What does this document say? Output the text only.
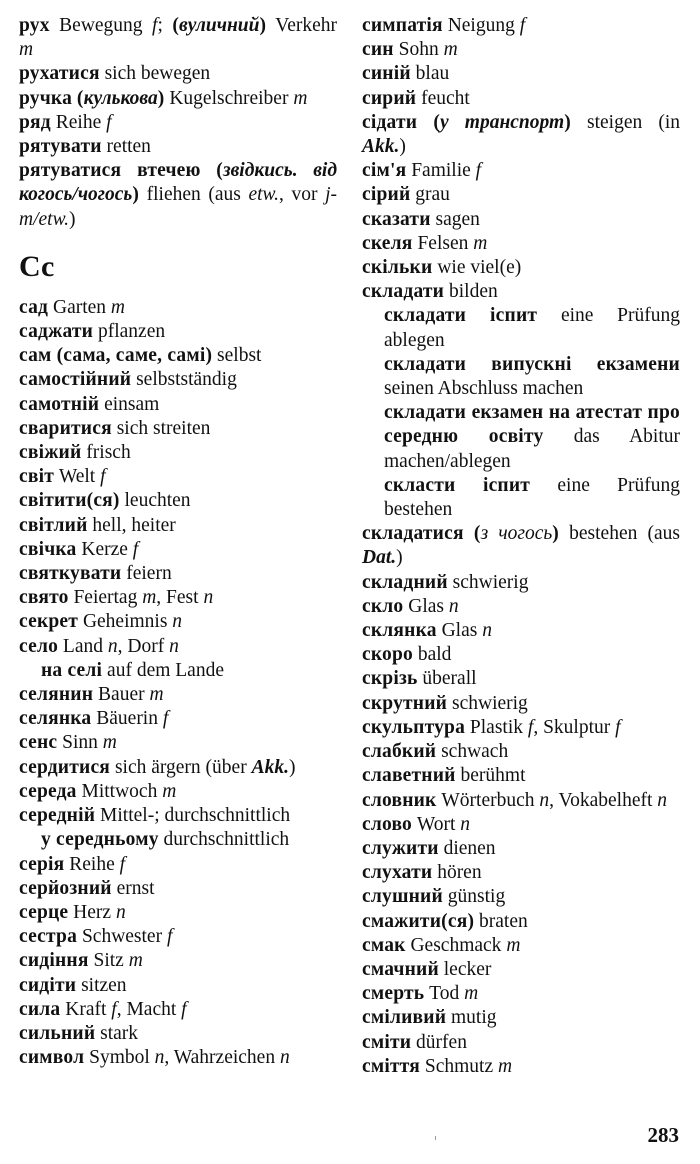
рух Bewegung f; (вуличний) Verkehr m
рухатися sich bewegen
ручка (кулькова) Kugelschreiber m
ряд Reihe f
рятувати retten
рятуватися втечею (звідкись. від когось/чогось) fliehen (aus etw., vor j-m/etw.)
Сс
сад Garten m
саджати pflanzen
сам (сама, саме, самі) selbst
самостійний selbstständig
самотній einsam
сваритися sich streiten
свіжий frisch
світ Welt f
світити(ся) leuchten
світлий hell, heiter
свічка Kerze f
святкувати feiern
свято Feiertag m, Fest n
секрет Geheimnis n
село Land n, Dorf n
на селі auf dem Lande
селянин Bauer m
селянка Bäuerin f
сенс Sinn m
сердитися sich ärgern (über Akk.)
середа Mittwoch m
середній Mittel-; durchschnittlich
у середньому durchschnittlich
серія Reihe f
серйозний ernst
серце Herz n
сестра Schwester f
сидіння Sitz m
сидіти sitzen
сила Kraft f, Macht f
сильний stark
символ Symbol n, Wahrzeichen n
симпатія Neigung f
син Sohn m
синій blau
сирий feucht
сідати (у транспорт) steigen (in Akk.)
сім'я Familie f
сірий grau
сказати sagen
скеля Felsen m
скільки wie viel(e)
складати bilden
складати іспит eine Prüfung ablegen
складати випускні екзамени seinen Abschluss machen
складати екзамен на атестат про середню освіту das Abitur machen/ablegen
скласти іспит eine Prüfung bestehen
складатися (з чогось) bestehen (aus Dat.)
складний schwierig
скло Glas n
склянка Glas n
скоро bald
скрізь überall
скрутний schwierig
скульптура Plastik f, Skulptur f
слабкий schwach
славетний berühmt
словник Wörterbuch n, Vokabelheft n
слово Wort n
служити dienen
слухати hören
слушний günstig
смажити(ся) braten
смак Geschmack m
смачний lecker
смерть Tod m
сміливий mutig
сміти dürfen
сміття Schmutz m
283
